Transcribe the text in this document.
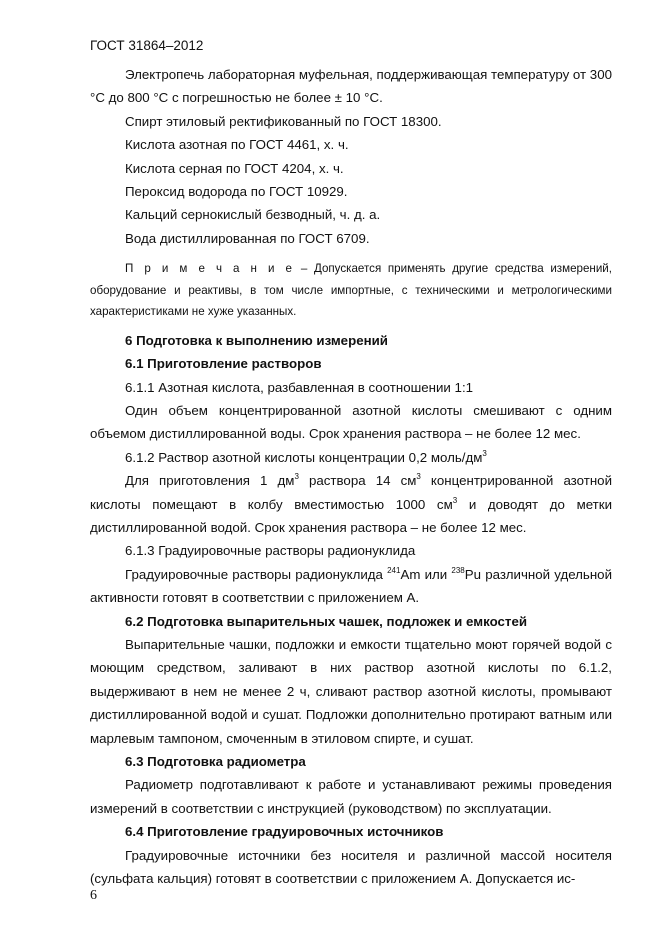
ГОСТ 31864–2012

Электропечь лабораторная муфельная, поддерживающая температуру от 300 °С до 800 °С с погрешностью не более ± 10 °С.

Спирт этиловый ректификованный по ГОСТ 18300.

Кислота азотная по ГОСТ 4461, х. ч.

Кислота серная по ГОСТ 4204, х. ч.

Пероксид водорода по ГОСТ 10929.

Кальций сернокислый безводный, ч. д. а.

Вода дистиллированная по ГОСТ 6709.

П р и м е ч а н и е – Допускается применять другие средства измерений, оборудование и реактивы, в том числе импортные, с техническими и метрологическими характеристиками не хуже указанных.

6 Подготовка к выполнению измерений

6.1 Приготовление растворов

6.1.1 Азотная кислота, разбавленная в соотношении 1:1

Один объем концентрированной азотной кислоты смешивают с одним объемом дистиллированной воды. Срок хранения раствора – не более 12 мес.

6.1.2 Раствор азотной кислоты концентрации 0,2 моль/$дм^3$

Для приготовления 1 $дм^3$ раствора 14 $см^3$ концентрированной азотной кислоты помещают в колбу вместимостью 1000 $см^3$ и доводят до метки дистиллированной водой. Срок хранения раствора – не более 12 мес.

6.1.3 Градуировочные растворы радионуклида

Градуировочные растворы радионуклида $^{241}$Am или $^{238}$Pu различной удельной активности готовят в соответствии с приложением А.

6.2 Подготовка выпарительных чашек, подложек и емкостей

Выпарительные чашки, подложки и емкости тщательно моют горячей водой с моющим средством, заливают в них раствор азотной кислоты по 6.1.2, выдерживают в нем не менее 2 ч, сливают раствор азотной кислоты, промывают дистиллированной водой и сушат. Подложки дополнительно протирают ватным или марлевым тампоном, смоченным в этиловом спирте, и сушат.

6.3 Подготовка радиометра

Радиометр подготавливают к работе и устанавливают режимы проведения измерений в соответствии с инструкцией (руководством) по эксплуатации.

6.4 Приготовление градуировочных источников

Градуировочные источники без носителя и различной массой носителя (сульфата кальция) готовят в соответствии с приложением А. Допускается ис-

6
